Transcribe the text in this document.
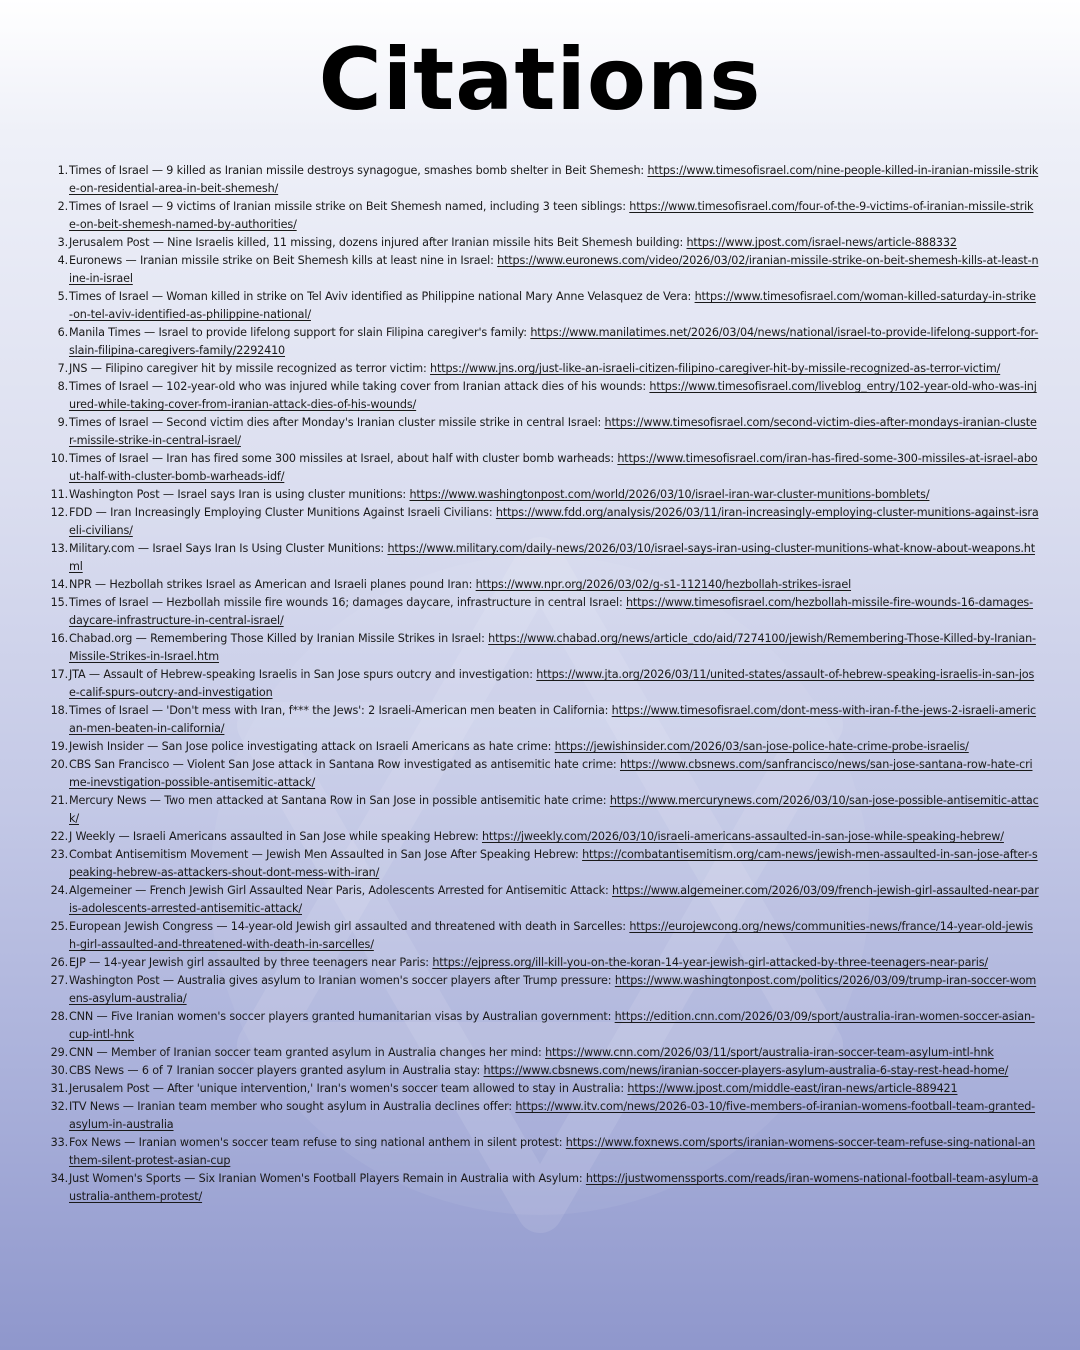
Citations
1. Times of Israel — 9 killed as Iranian missile destroys synagogue, smashes bomb shelter in Beit Shemesh: https://www.timesofisrael.com/nine-people-killed-in-iranian-missile-strike-on-residential-area-in-beit-shemesh/
2. Times of Israel — 9 victims of Iranian missile strike on Beit Shemesh named, including 3 teen siblings: https://www.timesofisrael.com/four-of-the-9-victims-of-iranian-missile-strike-on-beit-shemesh-named-by-authorities/
3. Jerusalem Post — Nine Israelis killed, 11 missing, dozens injured after Iranian missile hits Beit Shemesh building: https://www.jpost.com/israel-news/article-888332
4. Euronews — Iranian missile strike on Beit Shemesh kills at least nine in Israel: https://www.euronews.com/video/2026/03/02/iranian-missile-strike-on-beit-shemesh-kills-at-least-nine-in-israel
5. Times of Israel — Woman killed in strike on Tel Aviv identified as Philippine national Mary Anne Velasquez de Vera: https://www.timesofisrael.com/woman-killed-saturday-in-strike-on-tel-aviv-identified-as-philippine-national/
6. Manila Times — Israel to provide lifelong support for slain Filipina caregiver's family: https://www.manilatimes.net/2026/03/04/news/national/israel-to-provide-lifelong-support-for-slain-filipina-caregivers-family/2292410
7. JNS — Filipino caregiver hit by missile recognized as terror victim: https://www.jns.org/just-like-an-israeli-citizen-filipino-caregiver-hit-by-missile-recognized-as-terror-victim/
8. Times of Israel — 102-year-old who was injured while taking cover from Iranian attack dies of his wounds: https://www.timesofisrael.com/liveblog_entry/102-year-old-who-was-injured-while-taking-cover-from-iranian-attack-dies-of-his-wounds/
9. Times of Israel — Second victim dies after Monday's Iranian cluster missile strike in central Israel: https://www.timesofisrael.com/second-victim-dies-after-mondays-iranian-cluster-missile-strike-in-central-israel/
10. Times of Israel — Iran has fired some 300 missiles at Israel, about half with cluster bomb warheads: https://www.timesofisrael.com/iran-has-fired-some-300-missiles-at-israel-about-half-with-cluster-bomb-warheads-idf/
11. Washington Post — Israel says Iran is using cluster munitions: https://www.washingtonpost.com/world/2026/03/10/israel-iran-war-cluster-munitions-bomblets/
12. FDD — Iran Increasingly Employing Cluster Munitions Against Israeli Civilians: https://www.fdd.org/analysis/2026/03/11/iran-increasingly-employing-cluster-munitions-against-israeli-civilians/
13. Military.com — Israel Says Iran Is Using Cluster Munitions: https://www.military.com/daily-news/2026/03/10/israel-says-iran-using-cluster-munitions-what-know-about-weapons.html
14. NPR — Hezbollah strikes Israel as American and Israeli planes pound Iran: https://www.npr.org/2026/03/02/g-s1-112140/hezbollah-strikes-israel
15. Times of Israel — Hezbollah missile fire wounds 16; damages daycare, infrastructure in central Israel: https://www.timesofisrael.com/hezbollah-missile-fire-wounds-16-damages-daycare-infrastructure-in-central-israel/
16. Chabad.org — Remembering Those Killed by Iranian Missile Strikes in Israel: https://www.chabad.org/news/article_cdo/aid/7274100/jewish/Remembering-Those-Killed-by-Iranian-Missile-Strikes-in-Israel.htm
17. JTA — Assault of Hebrew-speaking Israelis in San Jose spurs outcry and investigation: https://www.jta.org/2026/03/11/united-states/assault-of-hebrew-speaking-israelis-in-san-jose-calif-spurs-outcry-and-investigation
18. Times of Israel — 'Don't mess with Iran, f*** the Jews': 2 Israeli-American men beaten in California: https://www.timesofisrael.com/dont-mess-with-iran-f-the-jews-2-israeli-american-men-beaten-in-california/
19. Jewish Insider — San Jose police investigating attack on Israeli Americans as hate crime: https://jewishinsider.com/2026/03/san-jose-police-hate-crime-probe-israelis/
20. CBS San Francisco — Violent San Jose attack in Santana Row investigated as antisemitic hate crime: https://www.cbsnews.com/sanfrancisco/news/san-jose-santana-row-hate-crime-inevstigation-possible-antisemitic-attack/
21. Mercury News — Two men attacked at Santana Row in San Jose in possible antisemitic hate crime: https://www.mercurynews.com/2026/03/10/san-jose-possible-antisemitic-attack/
22. J Weekly — Israeli Americans assaulted in San Jose while speaking Hebrew: https://jweekly.com/2026/03/10/israeli-americans-assaulted-in-san-jose-while-speaking-hebrew/
23. Combat Antisemitism Movement — Jewish Men Assaulted in San Jose After Speaking Hebrew: https://combatantisemitism.org/cam-news/jewish-men-assaulted-in-san-jose-after-speaking-hebrew-as-attackers-shout-dont-mess-with-iran/
24. Algemeiner — French Jewish Girl Assaulted Near Paris, Adolescents Arrested for Antisemitic Attack: https://www.algemeiner.com/2026/03/09/french-jewish-girl-assaulted-near-paris-adolescents-arrested-antisemitic-attack/
25. European Jewish Congress — 14-year-old Jewish girl assaulted and threatened with death in Sarcelles: https://eurojewcong.org/news/communities-news/france/14-year-old-jewish-girl-assaulted-and-threatened-with-death-in-sarcelles/
26. EJP — 14-year Jewish girl assaulted by three teenagers near Paris: https://ejpress.org/ill-kill-you-on-the-koran-14-year-jewish-girl-attacked-by-three-teenagers-near-paris/
27. Washington Post — Australia gives asylum to Iranian women's soccer players after Trump pressure: https://www.washingtonpost.com/politics/2026/03/09/trump-iran-soccer-womens-asylum-australia/
28. CNN — Five Iranian women's soccer players granted humanitarian visas by Australian government: https://edition.cnn.com/2026/03/09/sport/australia-iran-women-soccer-asian-cup-intl-hnk
29. CNN — Member of Iranian soccer team granted asylum in Australia changes her mind: https://www.cnn.com/2026/03/11/sport/australia-iran-soccer-team-asylum-intl-hnk
30. CBS News — 6 of 7 Iranian soccer players granted asylum in Australia stay: https://www.cbsnews.com/news/iranian-soccer-players-asylum-australia-6-stay-rest-head-home/
31. Jerusalem Post — After 'unique intervention,' Iran's women's soccer team allowed to stay in Australia: https://www.jpost.com/middle-east/iran-news/article-889421
32. ITV News — Iranian team member who sought asylum in Australia declines offer: https://www.itv.com/news/2026-03-10/five-members-of-iranian-womens-football-team-granted-asylum-in-australia
33. Fox News — Iranian women's soccer team refuse to sing national anthem in silent protest: https://www.foxnews.com/sports/iranian-womens-soccer-team-refuse-sing-national-anthem-silent-protest-asian-cup
34. Just Women's Sports — Six Iranian Women's Football Players Remain in Australia with Asylum: https://justwomenssports.com/reads/iran-womens-national-football-team-asylum-australia-anthem-protest/
